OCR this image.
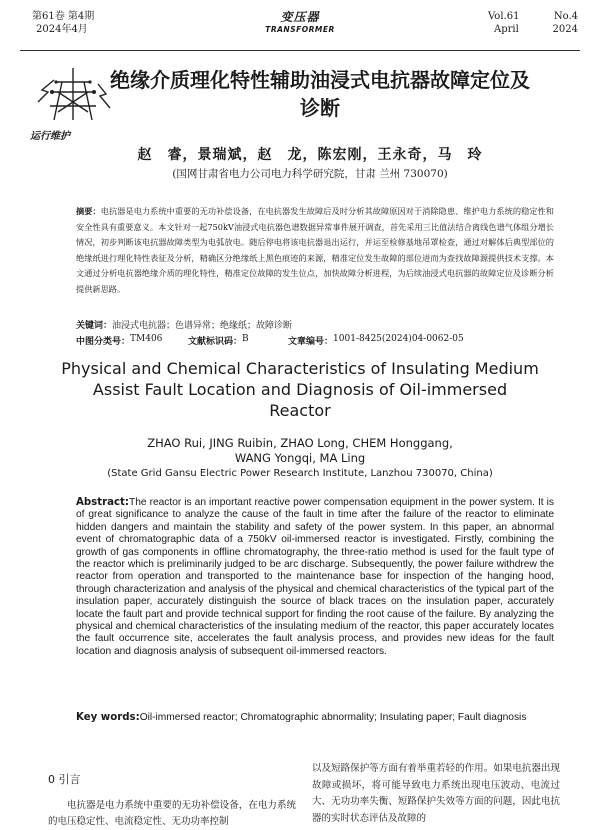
第61卷 第4期
2024年4月
变压器
TRANSFORMER
Vol.61	No.4
April	2024
运行维护
绝缘介质理化特性辅助油浸式电抗器故障定位及诊断
赵　睿，景瑞斌，赵　龙，陈宏刚，王永奇，马　玲
(国网甘肃省电力公司电力科学研究院，甘肃 兰州 730070)
摘要：电抗器是电力系统中重要的无功补偿设备，在电抗器发生故障后及时分析其故障原因对于消除隐患、维护电力系统的稳定性和安全性具有重要意义。本文针对一起750kV油浸式电抗器色谱数据异常事件展开调查，首先采用三比值法结合离线色谱气体组分增长情况，初步判断该电抗器故障类型为电弧放电。随后停电将该电抗器退出运行，并运至检修基地吊罩检查，通过对解体后典型部位的绝缘纸进行理化特性表征及分析，精确区分绝缘纸上黑色痕迹的来源，精准定位发生故障的部位进而为查找故障源提供技术支撑。本文通过分析电抗器绝缘介质的理化特性，精准定位故障的发生位点，加快故障分析进程，为后续油浸式电抗器的故障定位及诊断分析提供新思路。
关键词：油浸式电抗器；色谱异常；绝缘纸；故障诊断
中图分类号： TM406	文献标识码： B	文章编号： 1001-8425(2024)04-0062-05
Physical and Chemical Characteristics of Insulating Medium Assist Fault Location and Diagnosis of Oil-immersed Reactor
ZHAO Rui, JING Ruibin, ZHAO Long, CHEM Honggang,
WANG Yongqi, MA Ling
(State Grid Gansu Electric Power Research Institute, Lanzhou 730070, China)
Abstract:The reactor is an important reactive power compensation equipment in the power system. It is of great significance to analyze the cause of the fault in time after the failure of the reactor to eliminate hidden dangers and maintain the stability and safety of the power system. In this paper, an abnormal event of chromatographic data of a 750kV oil-immersed reactor is investigated. Firstly, combining the growth of gas components in offline chromatography, the three-ratio method is used for the fault type of the reactor which is preliminarily judged to be arc discharge. Subsequently, the power failure withdrew the reactor from operation and transported to the maintenance base for inspection of the hanging hood, through characterization and analysis of the physical and chemical characteristics of the typical part of the insulation paper, accurately distinguish the source of black traces on the insulation paper, accurately locate the fault part and provide technical support for finding the root cause of the failure. By analyzing the physical and chemical characteristics of the insulating medium of the reactor, this paper accurately locates the fault occurrence site, accelerates the fault analysis process, and provides new ideas for the fault location and diagnosis analysis of subsequent oil-immersed reactors.
Key words:Oil-immersed reactor; Chromatographic abnormality; Insulating paper; Fault diagnosis
0 引言
电抗器是电力系统中重要的无功补偿设备，在电力系统的电压稳定性、电流稳定性、无功功率控制
以及短路保护等方面有着举重若轻的作用。如果电抗器出现故障或损坏，将可能导致电力系统出现电压波动、电流过大、无功功率失衡、短路保护失效等方面的问题，因此电抗器的实时状态评估及故障的
